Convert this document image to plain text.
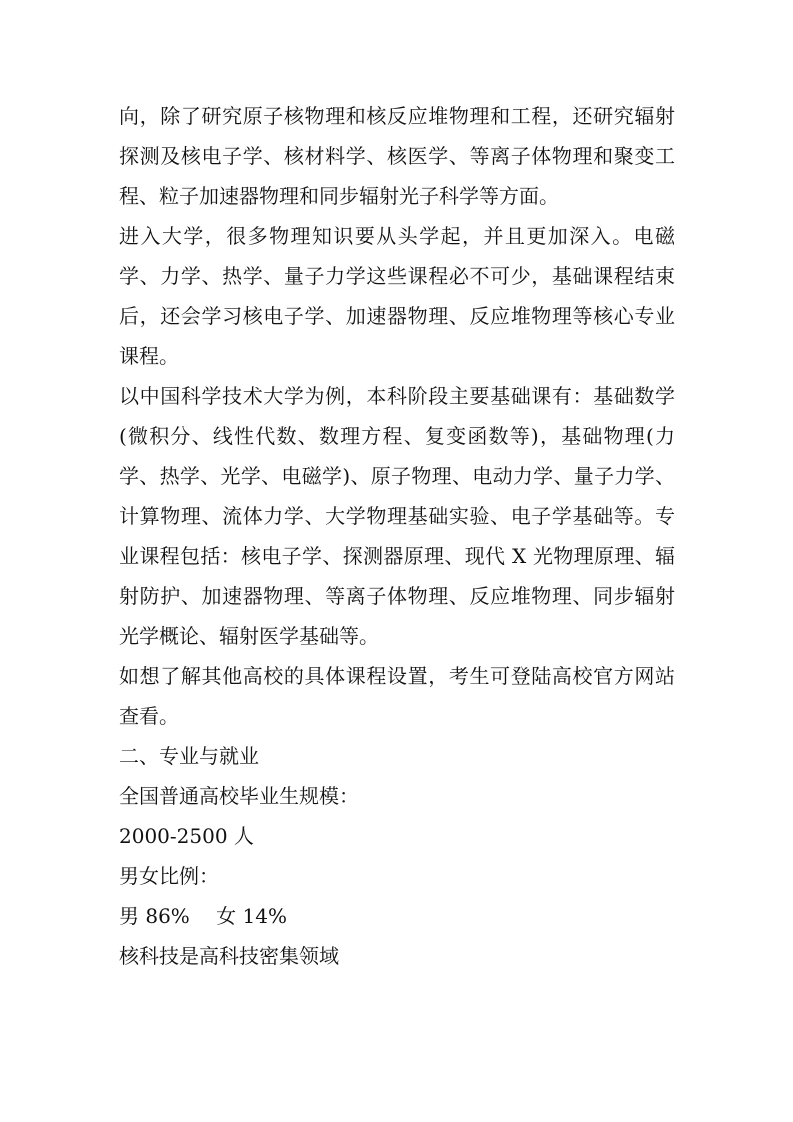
向，除了研究原子核物理和核反应堆物理和工程，还研究辐射探测及核电子学、核材料学、核医学、等离子体物理和聚变工程、粒子加速器物理和同步辐射光子科学等方面。

进入大学，很多物理知识要从头学起，并且更加深入。电磁学、力学、热学、量子力学这些课程必不可少，基础课程结束后，还会学习核电子学、加速器物理、反应堆物理等核心专业课程。

以中国科学技术大学为例，本科阶段主要基础课有：基础数学(微积分、线性代数、数理方程、复变函数等)，基础物理(力学、热学、光学、电磁学)、原子物理、电动力学、量子力学、计算物理、流体力学、大学物理基础实验、电子学基础等。专业课程包括：核电子学、探测器原理、现代 X 光物理原理、辐射防护、加速器物理、等离子体物理、反应堆物理、同步辐射光学概论、辐射医学基础等。

如想了解其他高校的具体课程设置，考生可登陆高校官方网站查看。

二、专业与就业

全国普通高校毕业生规模：

2000-2500 人

男女比例：

男 86%　 女 14%

核科技是高科技密集领域
